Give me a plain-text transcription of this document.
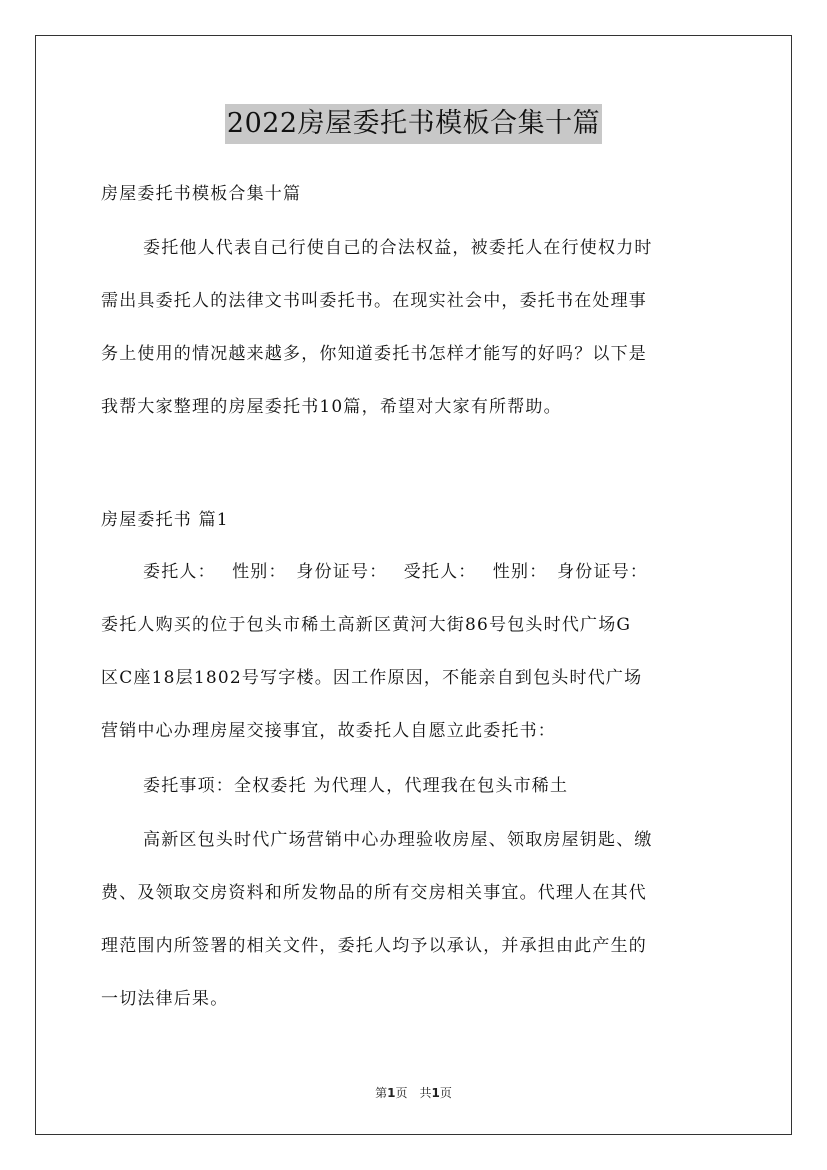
2022房屋委托书模板合集十篇

房屋委托书模板合集十篇

委托他人代表自己行使自己的合法权益，被委托人在行使权力时

需出具委托人的法律文书叫委托书。在现实社会中，委托书在处理事

务上使用的情况越来越多，你知道委托书怎样才能写的好吗？以下是

我帮大家整理的房屋委托书10篇，希望对大家有所帮助。

房屋委托书 篇1

委托人：　 性别：　身份证号：　 受托人：　 性别：　身份证号：

委托人购买的位于包头市稀土高新区黄河大街86号包头时代广场G

区C座18层1802号写字楼。因工作原因，不能亲自到包头时代广场

营销中心办理房屋交接事宜，故委托人自愿立此委托书：

委托事项：全权委托 为代理人，代理我在包头市稀土

高新区包头时代广场营销中心办理验收房屋、领取房屋钥匙、缴

费、及领取交房资料和所发物品的所有交房相关事宜。代理人在其代

理范围内所签署的相关文件，委托人均予以承认，并承担由此产生的

一切法律后果。

第1页　共1页
